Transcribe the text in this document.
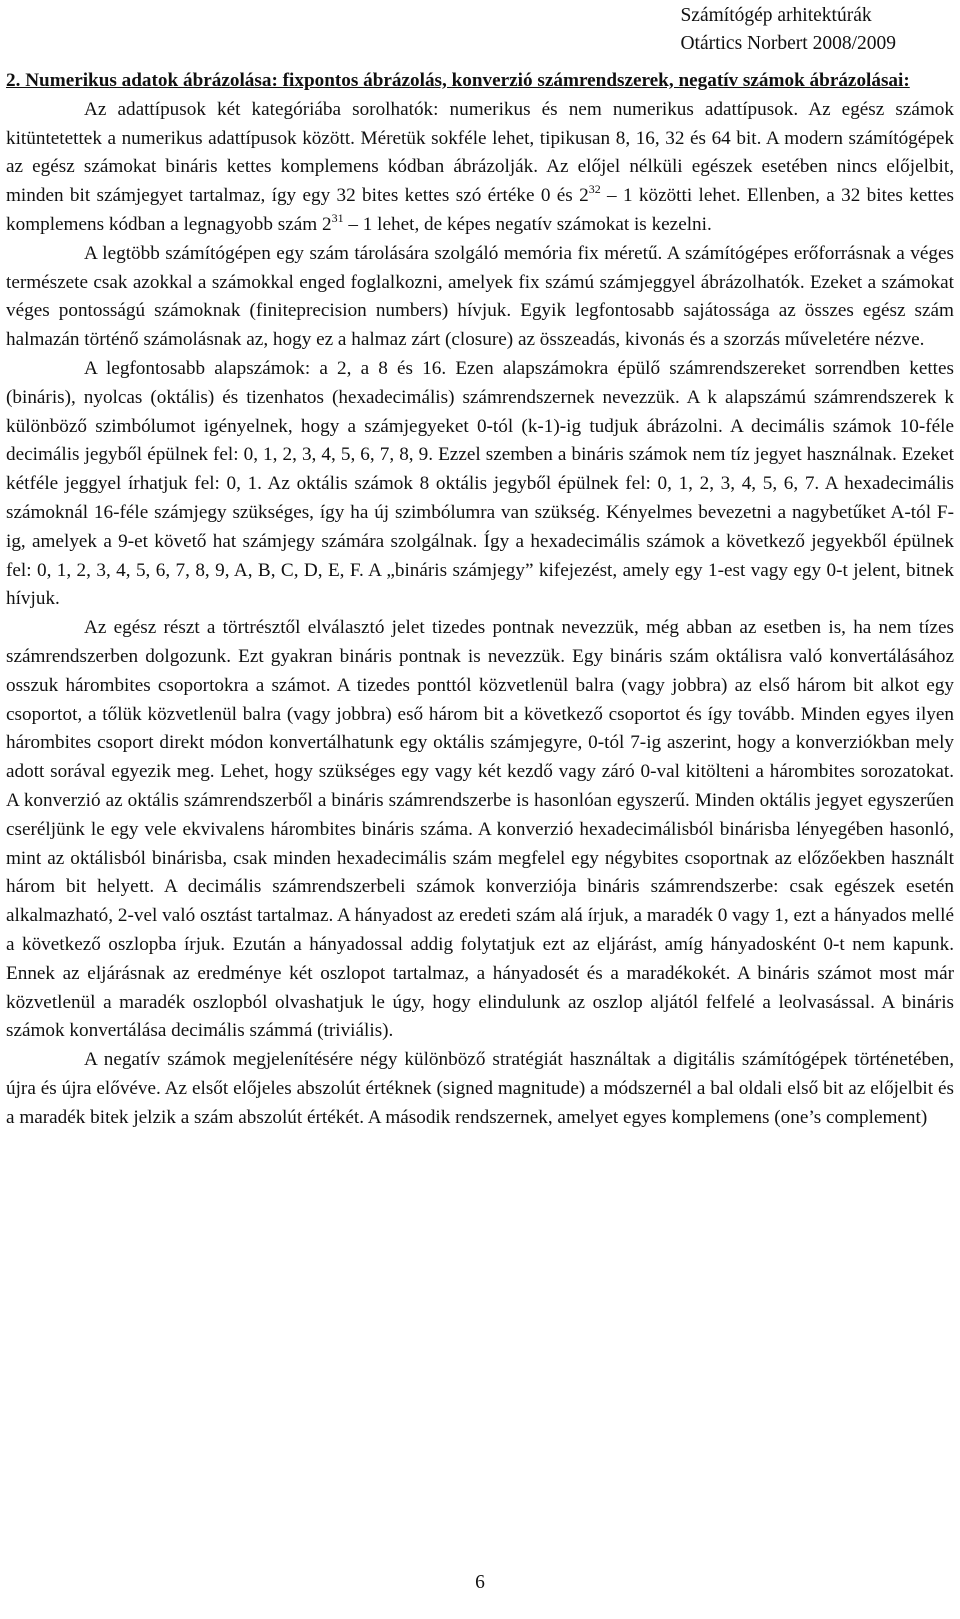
Számítógép arhitektúrák
Otártics Norbert 2008/2009

2. Numerikus adatok ábrázolása: fixpontos ábrázolás, konverzió számrendszerek, negatív számok ábrázolásai:

Az adattípusok két kategóriába sorolhatók: numerikus és nem numerikus adattípusok. Az egész számok kitüntetettek a numerikus adattípusok között. Méretük sokféle lehet, tipikusan 8, 16, 32 és 64 bit. A modern számítógépek az egész számokat bináris kettes komplemens kódban ábrázolják. Az előjel nélküli egészek esetében nincs előjelbit, minden bit számjegyet tartalmaz, így egy 32 bites kettes szó értéke 0 és $2^{32} - 1$ közötti lehet. Ellenben, a 32 bites kettes komplemens kódban a legnagyobb szám $2^{31} - 1$ lehet, de képes negatív számokat is kezelni.

A legtöbb számítógépen egy szám tárolására szolgáló memória fix méretű. A számítógépes erőforrásnak a véges természete csak azokkal a számokkal enged foglalkozni, amelyek fix számú számjeggyel ábrázolhatók. Ezeket a számokat véges pontosságú számoknak (finiteprecision numbers) hívjuk. Egyik legfontosabb sajátossága az összes egész szám halmazán történő számolásnak az, hogy ez a halmaz zárt (closure) az összeadás, kivonás és a szorzás műveletére nézve.

A legfontosabb alapszámok: a 2, a 8 és 16. Ezen alapszámokra épülő számrendszereket sorrendben kettes (bináris), nyolcas (oktális) és tizenhatos (hexadecimális) számrendszernek nevezzük. A k alapszámú számrendszerek k különböző szimbólumot igényelnek, hogy a számjegyeket 0-tól (k-1)-ig tudjuk ábrázolni. A decimális számok 10-féle decimális jegyből épülnek fel: 0, 1, 2, 3, 4, 5, 6, 7, 8, 9. Ezzel szemben a bináris számok nem tíz jegyet használnak. Ezeket kétféle jeggyel írhatjuk fel: 0, 1. Az oktális számok 8 oktális jegyből épülnek fel: 0, 1, 2, 3, 4, 5, 6, 7. A hexadecimális számoknál 16-féle számjegy szükséges, így ha új szimbólumra van szükség. Kényelmes bevezetni a nagybetűket A-tól F-ig, amelyek a 9-et követő hat számjegy számára szolgálnak. Így a hexadecimális számok a következő jegyekből épülnek fel: 0, 1, 2, 3, 4, 5, 6, 7, 8, 9, A, B, C, D, E, F. A „bináris számjegy” kifejezést, amely egy 1-est vagy egy 0-t jelent, bitnek hívjuk.

Az egész részt a törtrésztől elválasztó jelet tizedes pontnak nevezzük, még abban az esetben is, ha nem tízes számrendszerben dolgozunk. Ezt gyakran bináris pontnak is nevezzük. Egy bináris szám oktálisra való konvertálásához osszuk hárombites csoportokra a számot. A tizedes ponttól közvetlenül balra (vagy jobbra) az első három bit alkot egy csoportot, a tőlük közvetlenül balra (vagy jobbra) eső három bit a következő csoportot és így tovább. Minden egyes ilyen hárombites csoport direkt módon konvertálhatunk egy oktális számjegyre, 0-tól 7-ig aszerint, hogy a konverziókban mely adott sorával egyezik meg. Lehet, hogy szükséges egy vagy két kezdő vagy záró 0-val kitölteni a hárombites sorozatokat. A konverzió az oktális számrendszerből a bináris számrendszerbe is hasonlóan egyszerű. Minden oktális jegyet egyszerűen cseréljünk le egy vele ekvivalens hárombites bináris száma. A konverzió hexadecimálisból binárisba lényegében hasonló, mint az oktálisból binárisba, csak minden hexadecimális szám megfelel egy négybites csoportnak az előzőekben használt három bit helyett. A decimális számrendszerbeli számok konverziója bináris számrendszerbe: csak egészek esetén alkalmazható, 2-vel való osztást tartalmaz. A hányadost az eredeti szám alá írjuk, a maradék 0 vagy 1, ezt a hányados mellé a következő oszlopba írjuk. Ezután a hányadossal addig folytatjuk ezt az eljárást, amíg hányadosként 0-t nem kapunk. Ennek az eljárásnak az eredménye két oszlopot tartalmaz, a hányadosét és a maradékokét. A bináris számot most már közvetlenül a maradék oszlopból olvashatjuk le úgy, hogy elindulunk az oszlop aljától felfelé a leolvasással. A bináris számok konvertálása decimális számmá (triviális).

A negatív számok megjelenítésére négy különböző stratégiát használtak a digitális számítógépek történetében, újra és újra elővéve. Az elsőt előjeles abszolút értéknek (signed magnitude) a módszernél a bal oldali első bit az előjelbit és a maradék bitek jelzik a szám abszolút értékét. A második rendszernek, amelyet egyes komplemens (one’s complement)

6
